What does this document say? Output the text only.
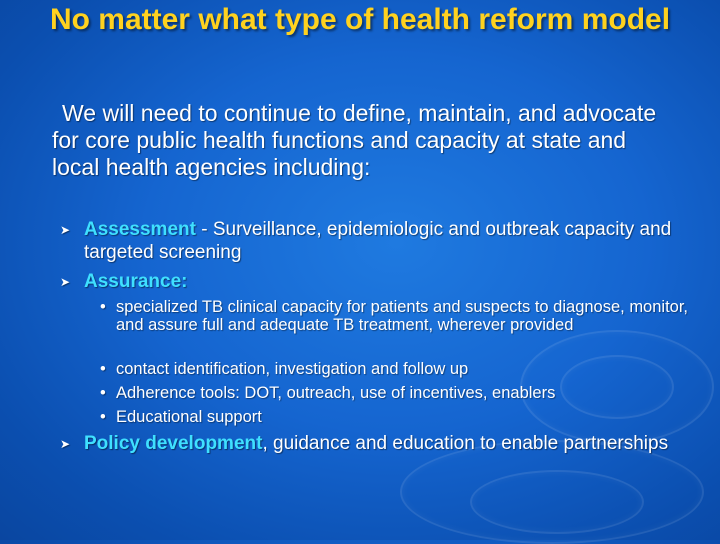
No matter what type of health reform model
We will need to continue to define, maintain, and advocate for core public health functions and capacity at state and local health agencies including:
➤ Assessment - Surveillance, epidemiologic and outbreak capacity and targeted screening
➤ Assurance:
• specialized TB clinical capacity for patients and suspects to diagnose, monitor, and assure full and adequate TB treatment, wherever provided
• contact identification, investigation and follow up
• Adherence tools: DOT, outreach, use of incentives, enablers
• Educational support
➤ Policy development, guidance and education to enable partnerships
